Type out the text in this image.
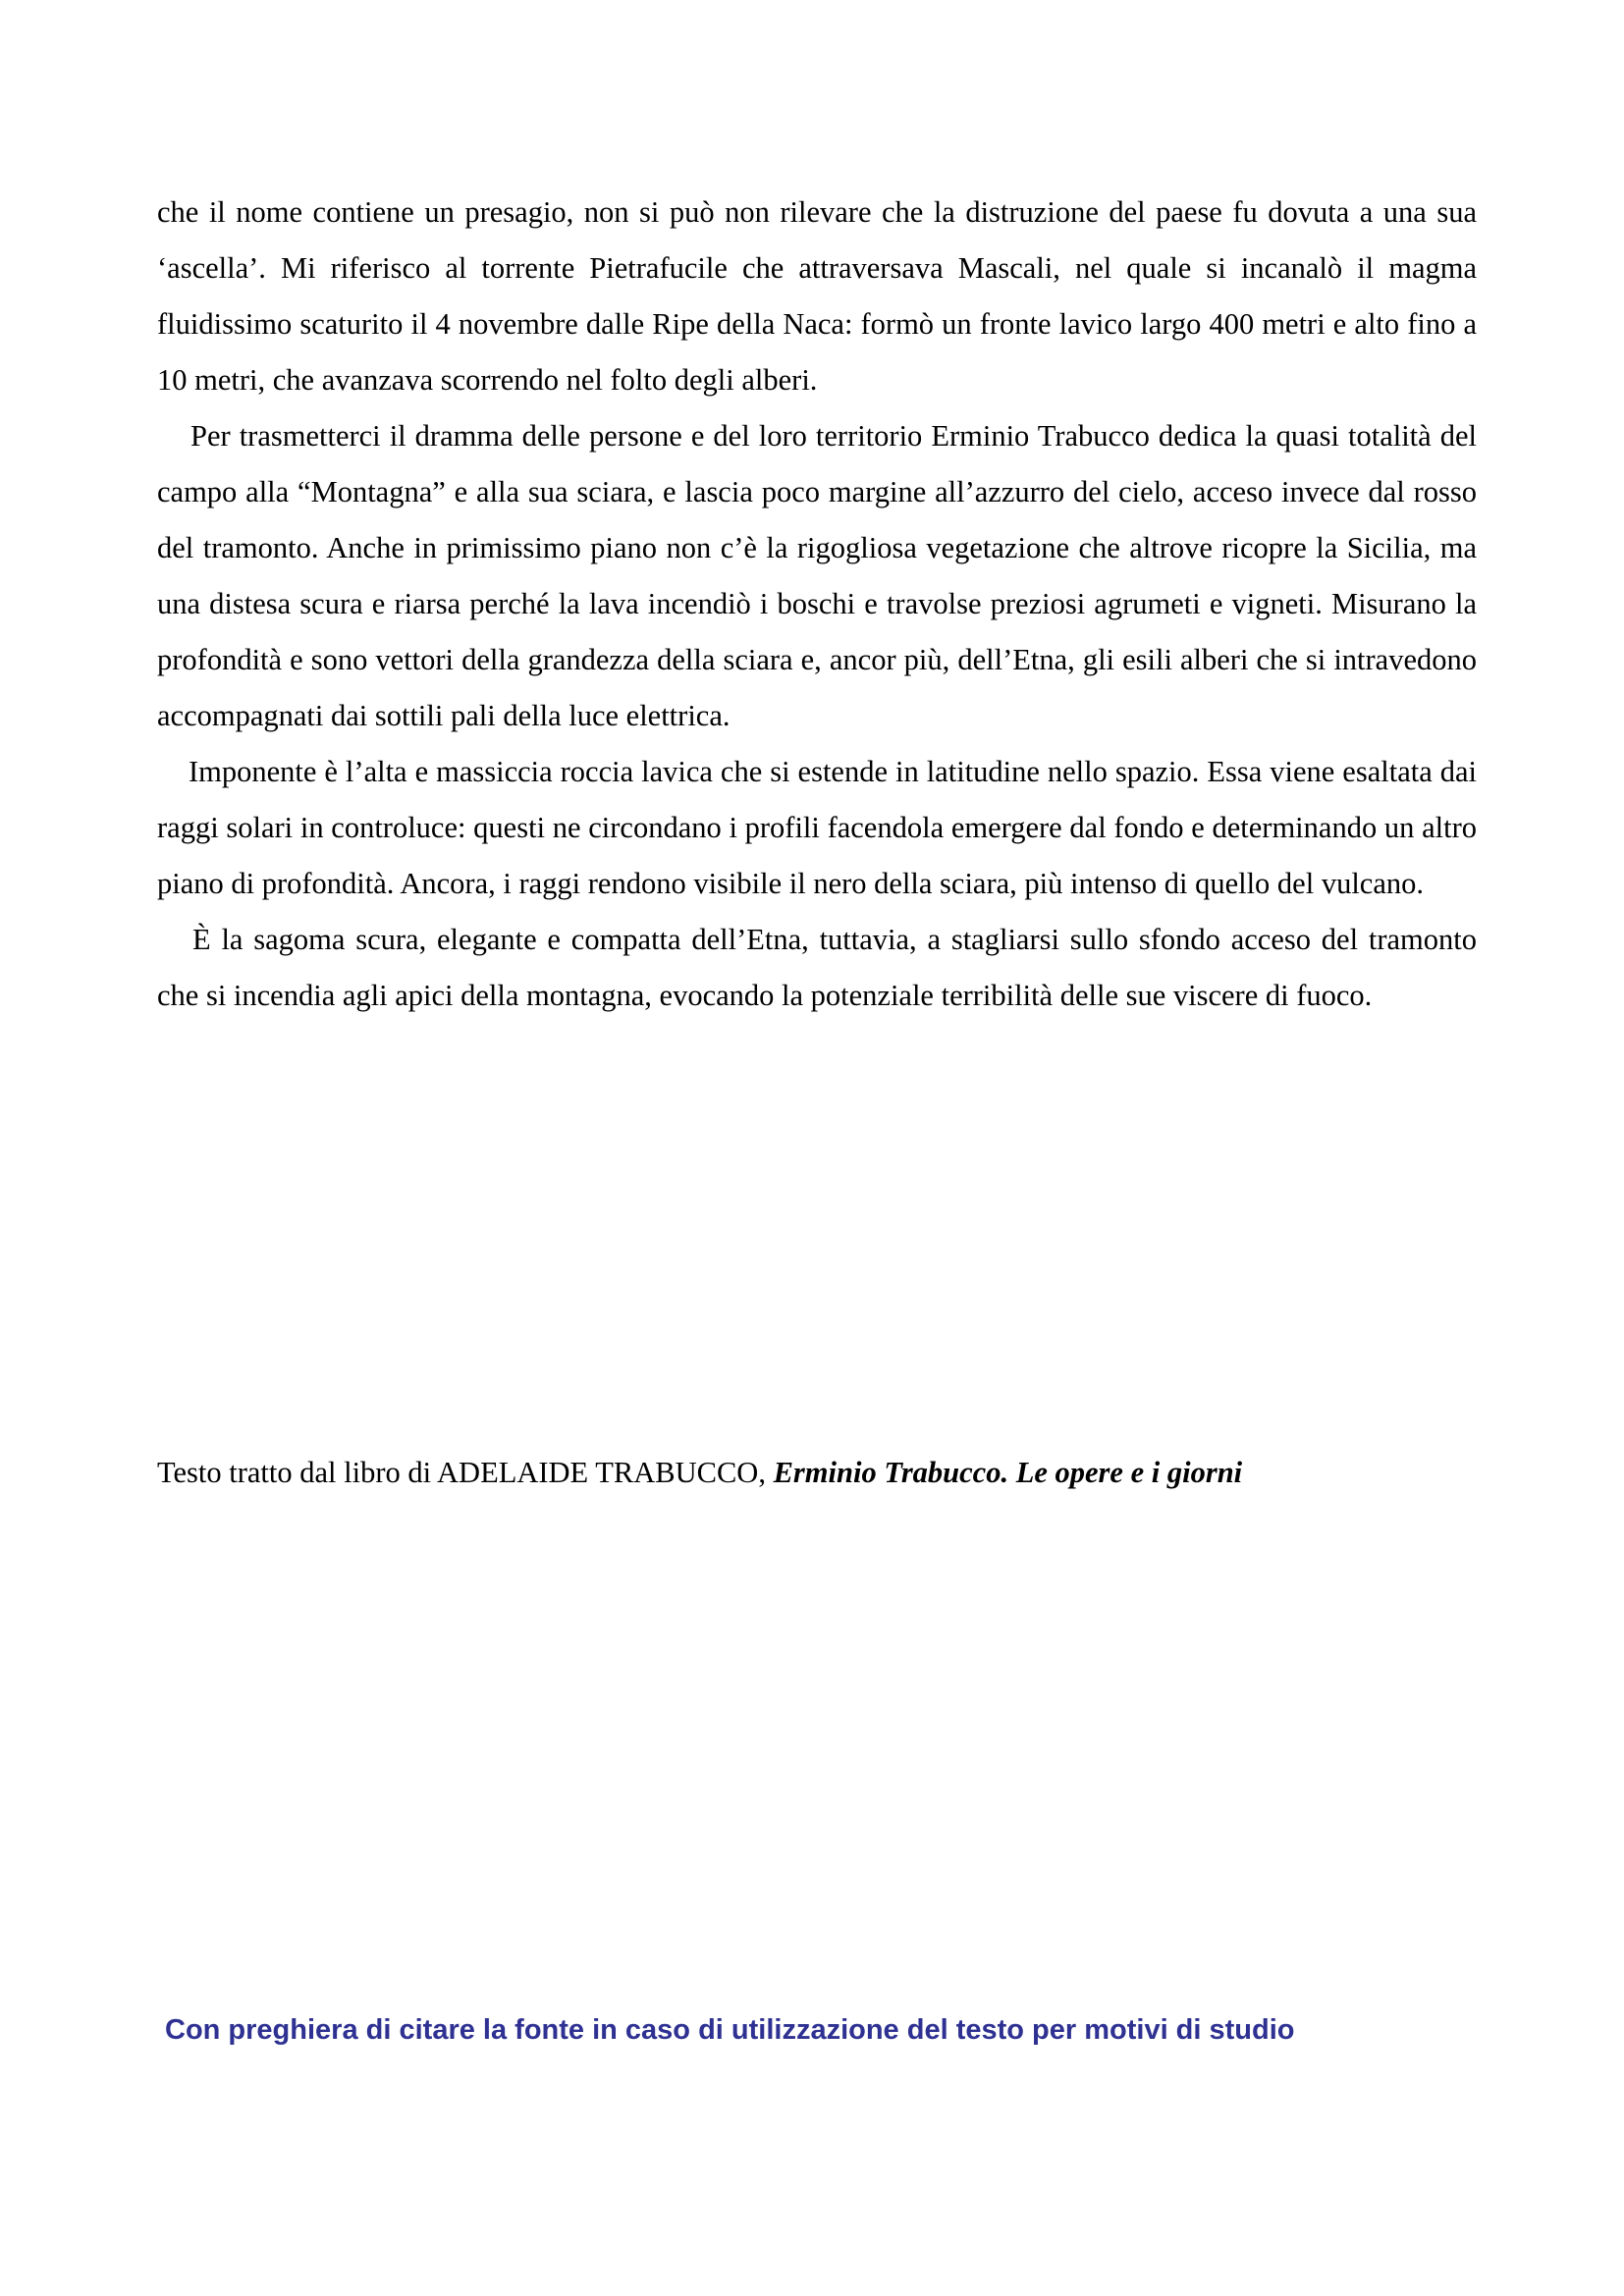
che il nome contiene un presagio, non si può non rilevare che la distruzione del paese fu dovuta a una sua ‘ascella’. Mi riferisco al torrente Pietrafucile che attraversava Mascali, nel quale si incanalò il magma fluidissimo scaturito il 4 novembre dalle Ripe della Naca: formò un fronte lavico largo 400 metri e alto fino a 10 metri, che avanzava scorrendo nel folto degli alberi.

Per trasmetterci il dramma delle persone e del loro territorio Erminio Trabucco dedica la quasi totalità del campo alla “Montagna” e alla sua sciara, e lascia poco margine all’azzurro del cielo, acceso invece dal rosso del tramonto. Anche in primissimo piano non c’è la rigogliosa vegetazione che altrove ricopre la Sicilia, ma una distesa scura e riarsa perché la lava incendiò i boschi e travolse preziosi agrumeti e vigneti. Misurano la profondità e sono vettori della grandezza della sciara e, ancor più, dell’Etna, gli esili alberi che si intravedono accompagnati dai sottili pali della luce elettrica.

Imponente è l’alta e massiccia roccia lavica che si estende in latitudine nello spazio. Essa viene esaltata dai raggi solari in controluce: questi ne circondano i profili facendola emergere dal fondo e determinando un altro piano di profondità. Ancora, i raggi rendono visibile il nero della sciara, più intenso di quello del vulcano.

È la sagoma scura, elegante e compatta dell’Etna, tuttavia, a stagliarsi sullo sfondo acceso del tramonto che si incendia agli apici della montagna, evocando la potenziale terribilità delle sue viscere di fuoco.

Testo tratto dal libro di ADELAIDE TRABUCCO, Erminio Trabucco. Le opere e i giorni
Con preghiera di citare la fonte in caso di utilizzazione del testo per motivi di studio
